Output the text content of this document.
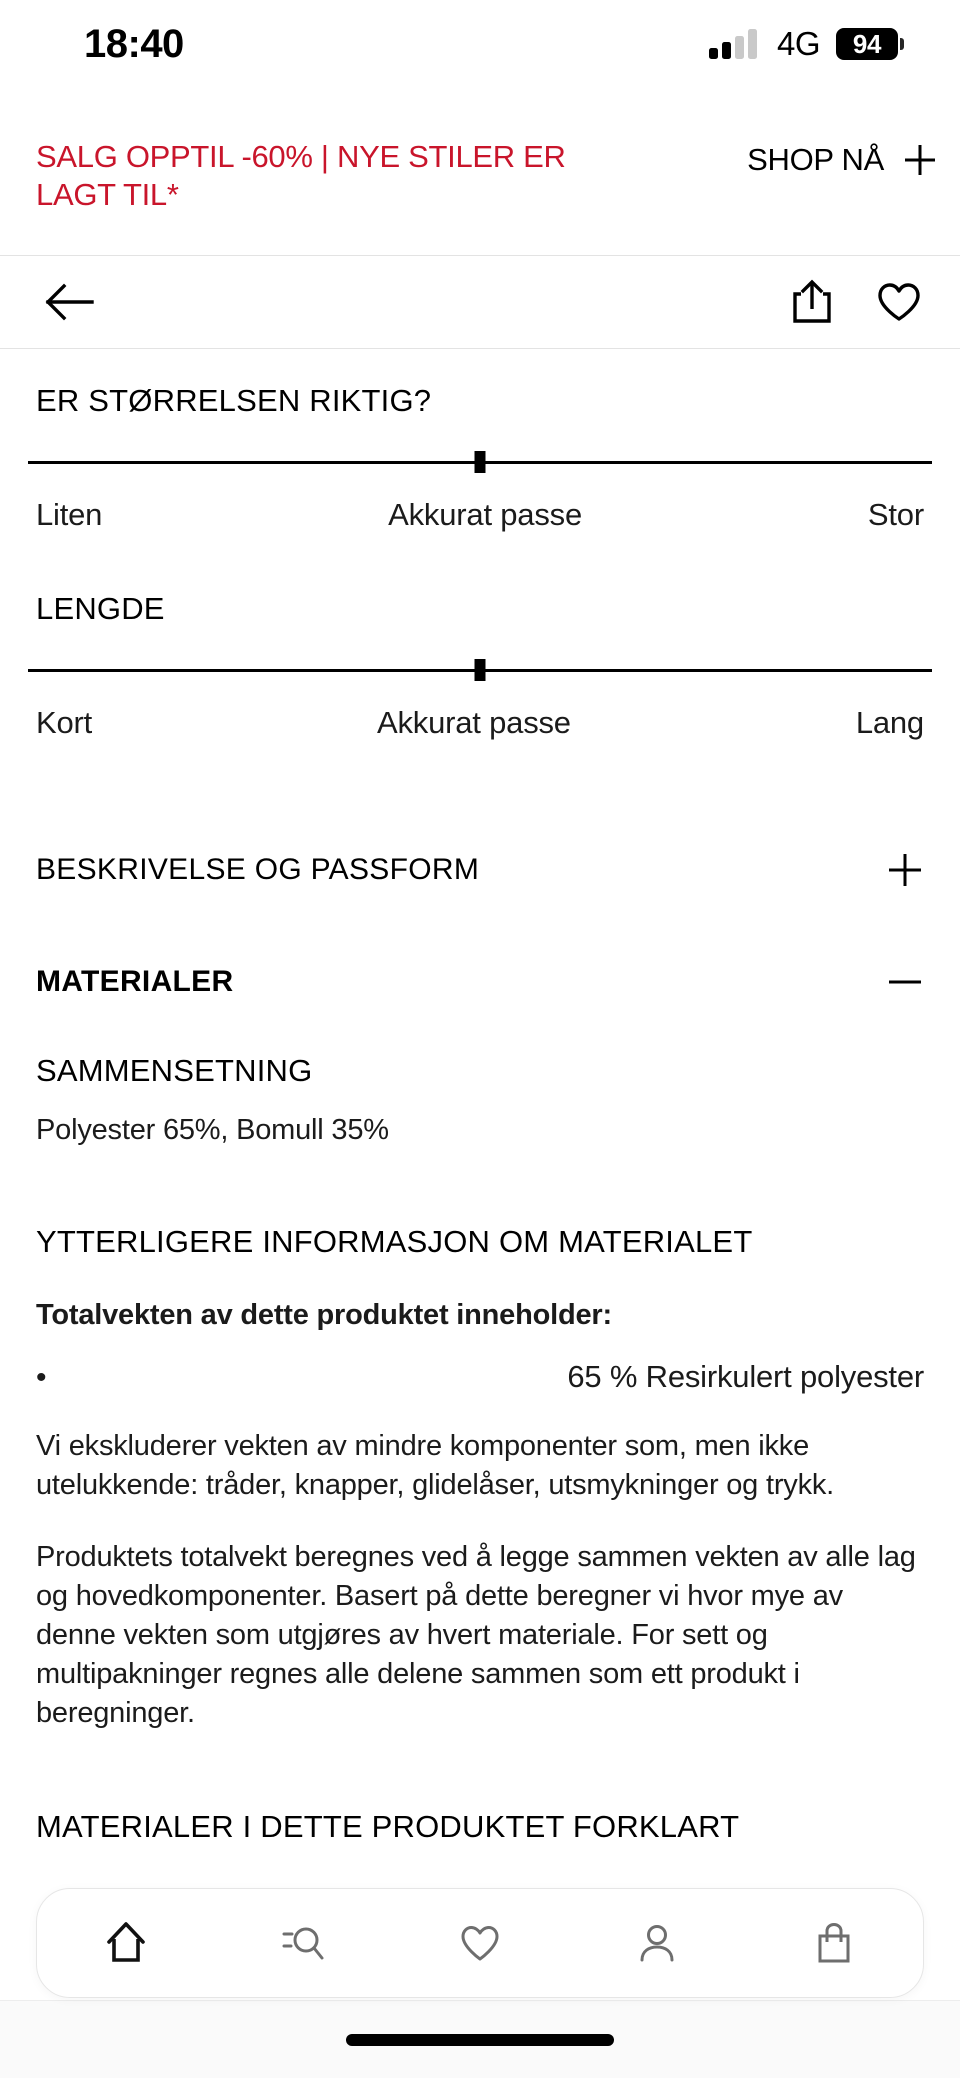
18:40	4G 94
SALG OPPTIL -60% | NYE STILER ER LAGT TIL*
SHOP NÅ
ER STØRRELSEN RIKTIG?
Liten	Akkurat passe	Stor
LENGDE
Kort	Akkurat passe	Lang
BESKRIVELSE OG PASSFORM
MATERIALER
SAMMENSETNING
Polyester 65%, Bomull 35%
YTTERLIGERE INFORMASJON OM MATERIALET
Totalvekten av dette produktet inneholder:
•	65 % Resirkulert polyester

Vi ekskluderer vekten av mindre komponenter som, men ikke utelukkende: tråder, knapper, glidelåser, utsmykninger og trykk.

Produktets totalvekt beregnes ved å legge sammen vekten av alle lag og hovedkomponenter. Basert på dette beregner vi hvor mye av denne vekten som utgjøres av hvert materiale. For sett og multipakninger regnes alle delene sammen som ett produkt i beregninger.

MATERIALER I DETTE PRODUKTET FORKLART
